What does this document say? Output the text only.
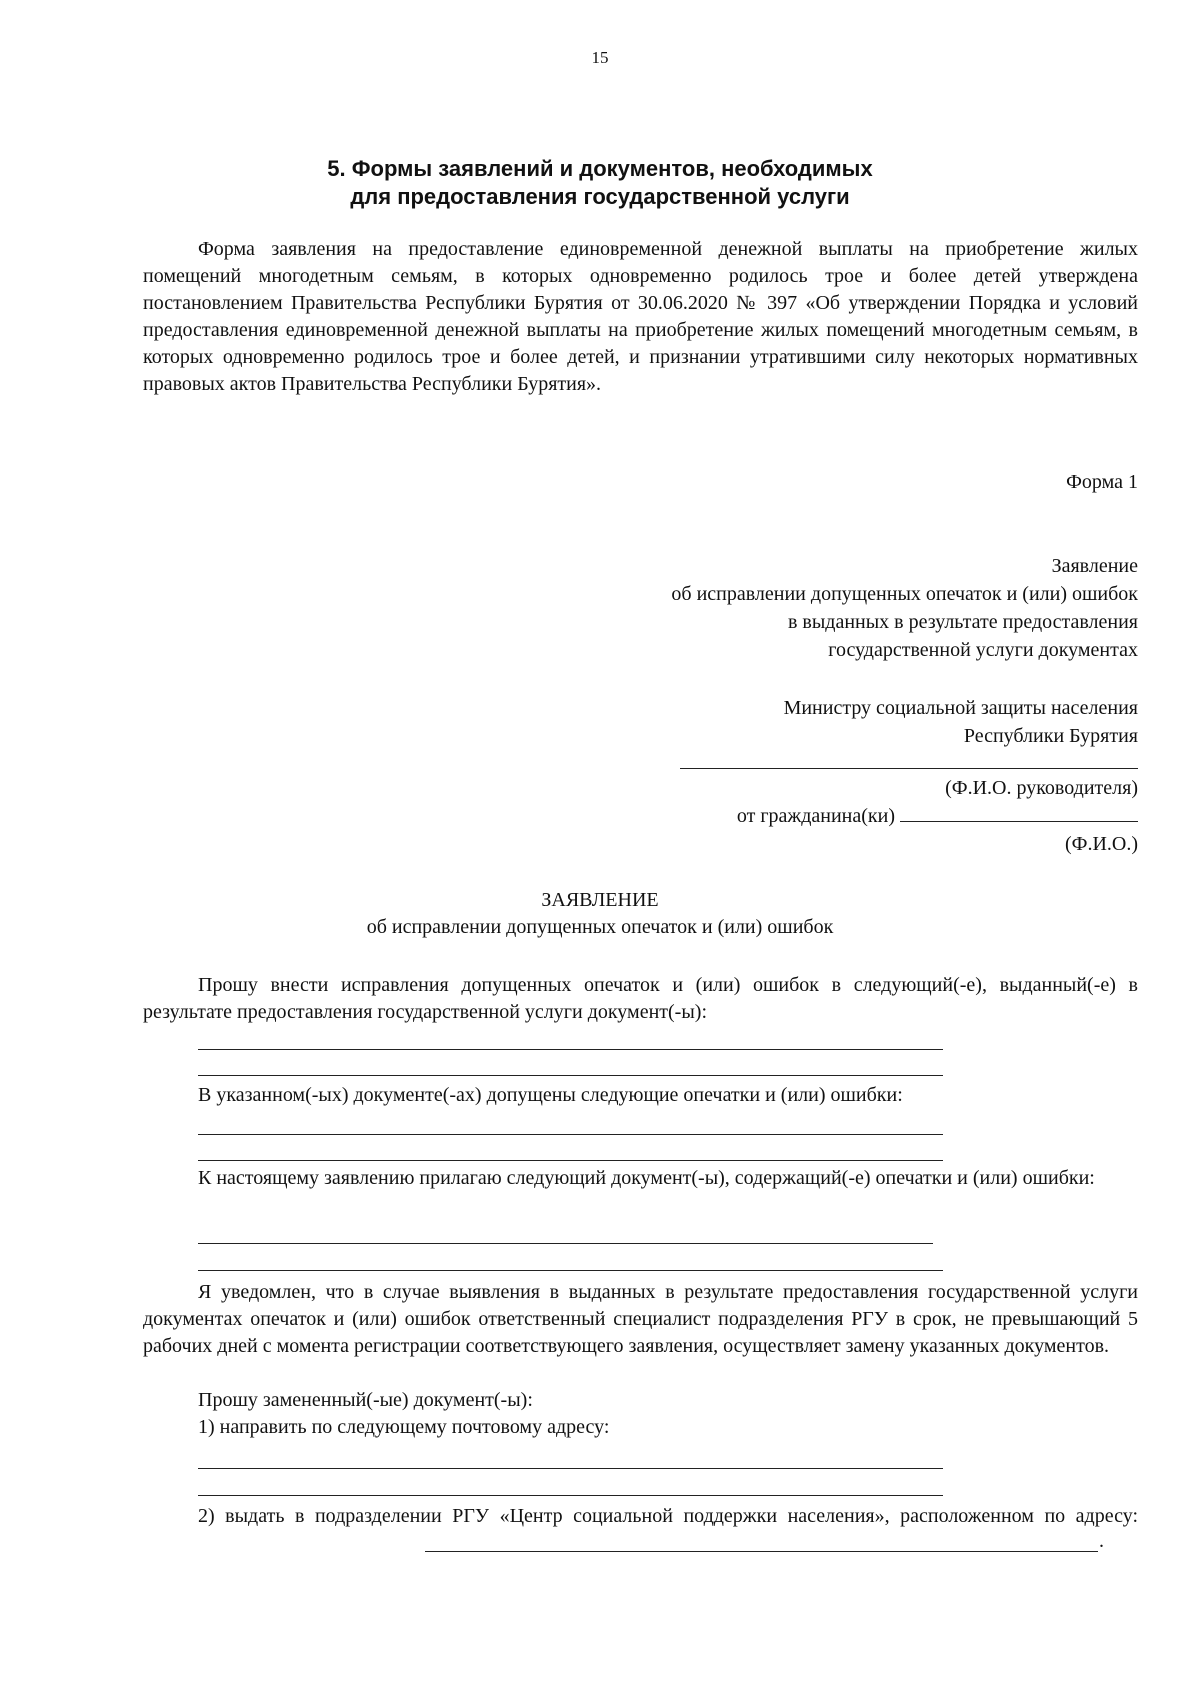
15
5. Формы заявлений и документов, необходимых
для предоставления государственной услуги
Форма заявления на предоставление единовременной денежной выплаты на приобретение жилых помещений многодетным семьям, в которых одновременно родилось трое и более детей утверждена постановлением Правительства Республики Бурятия от 30.06.2020 № 397 «Об утверждении Порядка и условий предоставления единовременной денежной выплаты на приобретение жилых помещений многодетным семьям, в которых одновременно родилось трое и более детей, и признании утратившими силу некоторых нормативных правовых актов Правительства Республики Бурятия».
Форма 1
Заявление
об исправлении допущенных опечаток и (или) ошибок
в выданных в результате предоставления
государственной услуги документах
Министру социальной защиты населения
Республики Бурятия
(Ф.И.О. руководителя)
от гражданина(ки)
(Ф.И.О.)
ЗАЯВЛЕНИЕ
об исправлении допущенных опечаток и (или) ошибок
Прошу внести исправления допущенных опечаток и (или) ошибок в следующий(-е), выданный(-е) в результате предоставления государственной услуги документ(-ы):
В указанном(-ых) документе(-ах) допущены следующие опечатки и (или) ошибки:
К настоящему заявлению прилагаю следующий документ(-ы), содержащий(-е) опечатки и (или) ошибки:
Я уведомлен, что в случае выявления в выданных в результате предоставления государственной услуги документах опечаток и (или) ошибок ответственный специалист подразделения РГУ в срок, не превышающий 5 рабочих дней с момента регистрации соответствующего заявления, осуществляет замену указанных документов.
Прошу замененный(-ые) документ(-ы):
1) направить по следующему почтовому адресу:
2) выдать в подразделении РГУ «Центр социальной поддержки населения», расположенном по адресу:
.
